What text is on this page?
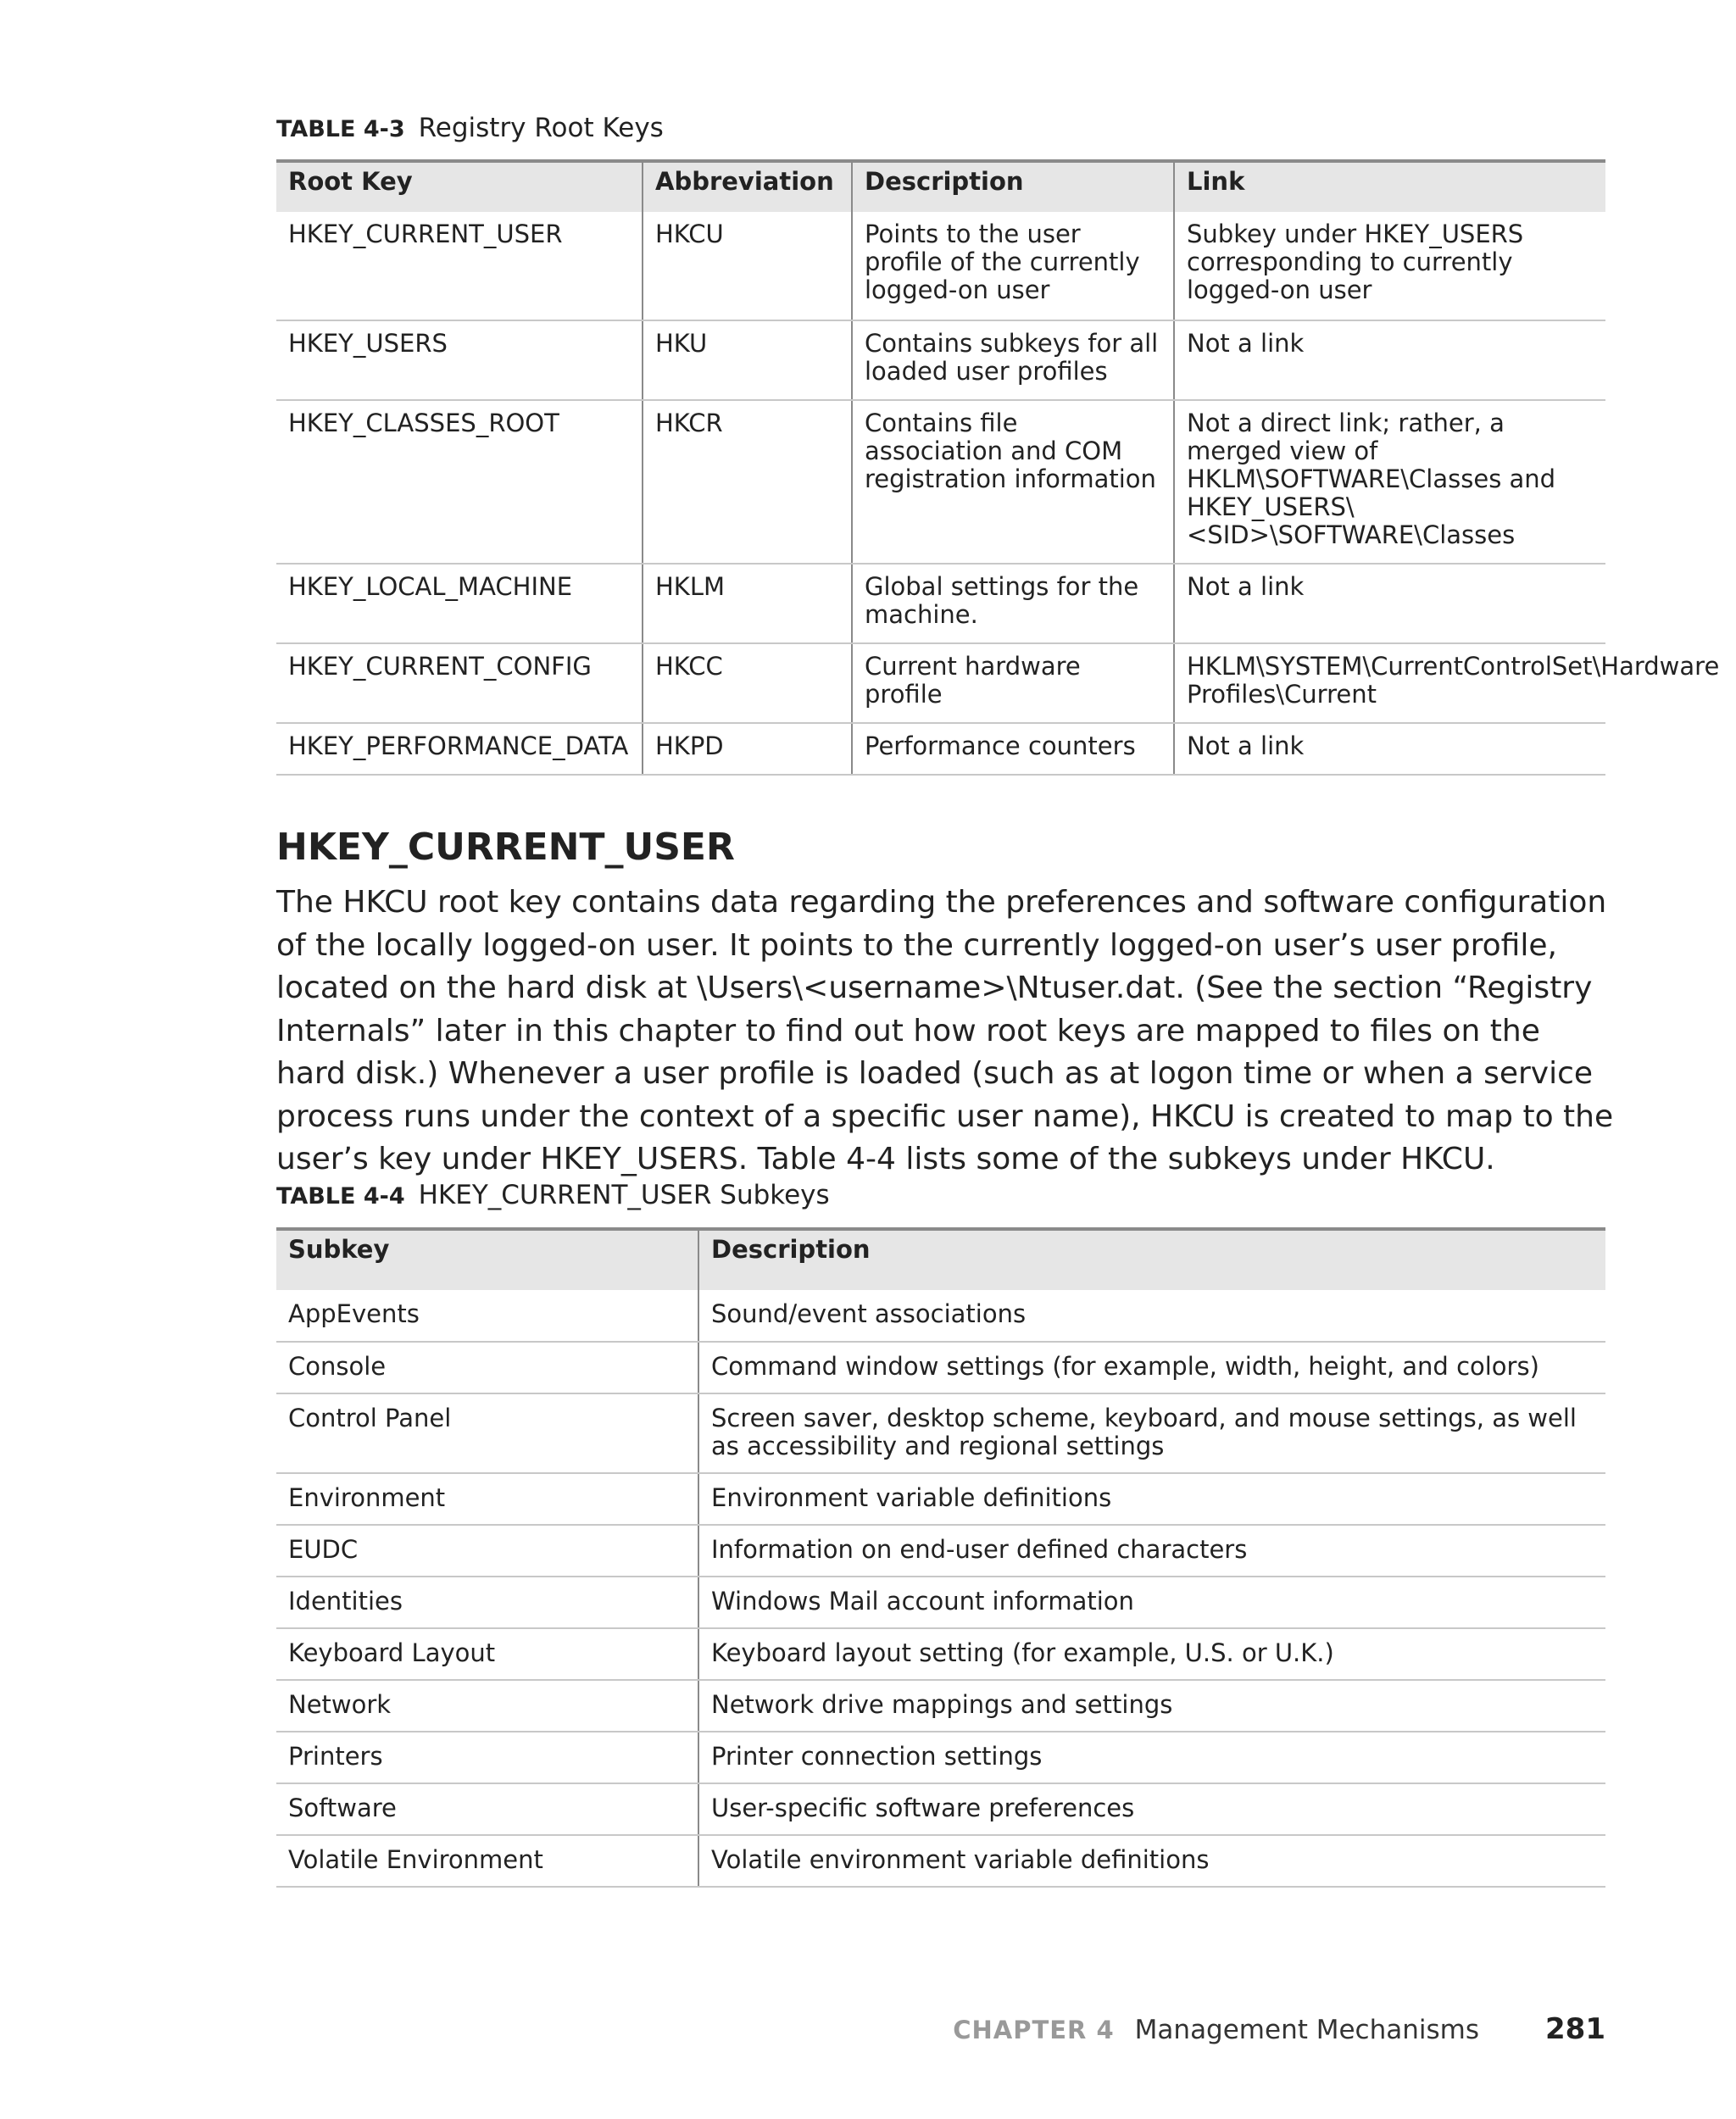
TABLE 4-3 Registry Root Keys
Root Key	Abbreviation	Description	Link
HKEY_CURRENT_USER	HKCU	Points to the user profile of the currently logged-on user	Subkey under HKEY_USERS corresponding to currently logged-on user
HKEY_USERS	HKU	Contains subkeys for all loaded user profiles	Not a link
HKEY_CLASSES_ROOT	HKCR	Contains file association and COM registration information	Not a direct link; rather, a merged view of HKLM\SOFTWARE\Classes and HKEY_USERS\<SID>\SOFTWARE\Classes
HKEY_LOCAL_MACHINE	HKLM	Global settings for the machine.	Not a link
HKEY_CURRENT_CONFIG	HKCC	Current hardware profile	HKLM\SYSTEM\CurrentControlSet\Hardware Profiles\Current
HKEY_PERFORMANCE_DATA	HKPD	Performance counters	Not a link
HKEY_CURRENT_USER

The HKCU root key contains data regarding the preferences and software configuration of the locally logged-on user. It points to the currently logged-on user’s user profile, located on the hard disk at \Users\<username>\Ntuser.dat. (See the section “Registry Internals” later in this chapter to find out how root keys are mapped to files on the hard disk.) Whenever a user profile is loaded (such as at logon time or when a service process runs under the context of a specific user name), HKCU is created to map to the user’s key under HKEY_USERS. Table 4-4 lists some of the subkeys under HKCU.

TABLE 4-4 HKEY_CURRENT_USER Subkeys
Subkey	Description
AppEvents	Sound/event associations
Console	Command window settings (for example, width, height, and colors)
Control Panel	Screen saver, desktop scheme, keyboard, and mouse settings, as well as accessibility and regional settings
Environment	Environment variable definitions
EUDC	Information on end-user defined characters
Identities	Windows Mail account information
Keyboard Layout	Keyboard layout setting (for example, U.S. or U.K.)
Network	Network drive mappings and settings
Printers	Printer connection settings
Software	User-specific software preferences
Volatile Environment	Volatile environment variable definitions
CHAPTER 4 Management Mechanisms 281
